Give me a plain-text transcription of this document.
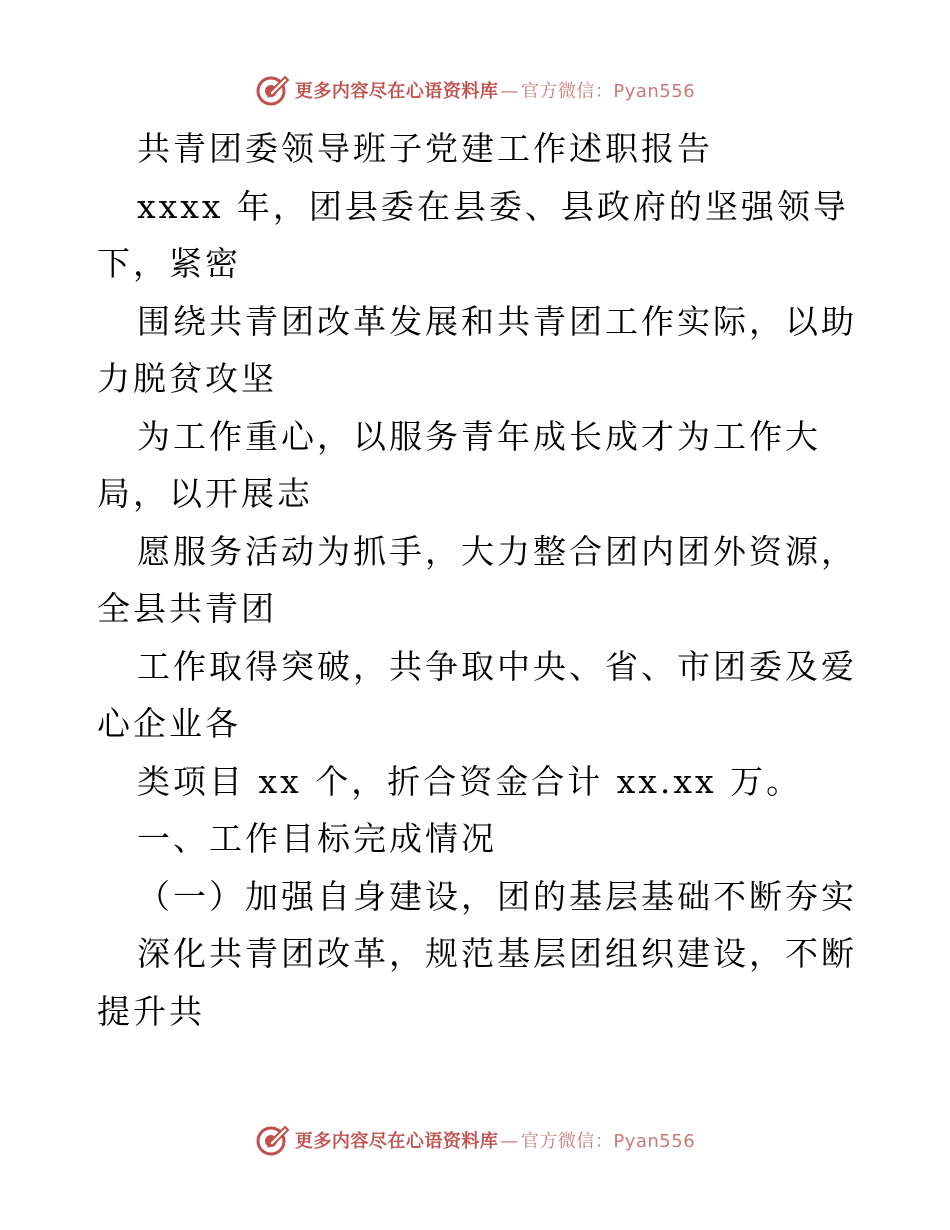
更多内容尽在心语资料库 — 官方微信：Pyan556

共青团委领导班子党建工作述职报告

xxxx 年，团县委在县委、县政府的坚强领导下，紧密

围绕共青团改革发展和共青团工作实际，以助力脱贫攻坚

为工作重心，以服务青年成长成才为工作大局，以开展志

愿服务活动为抓手，大力整合团内团外资源，全县共青团

工作取得突破，共争取中央、省、市团委及爱心企业各

类项目 xx 个，折合资金合计 xx.xx 万。

一、工作目标完成情况

（一）加强自身建设，团的基层基础不断夯实

深化共青团改革，规范基层团组织建设，不断提升共

更多内容尽在心语资料库 — 官方微信：Pyan556
